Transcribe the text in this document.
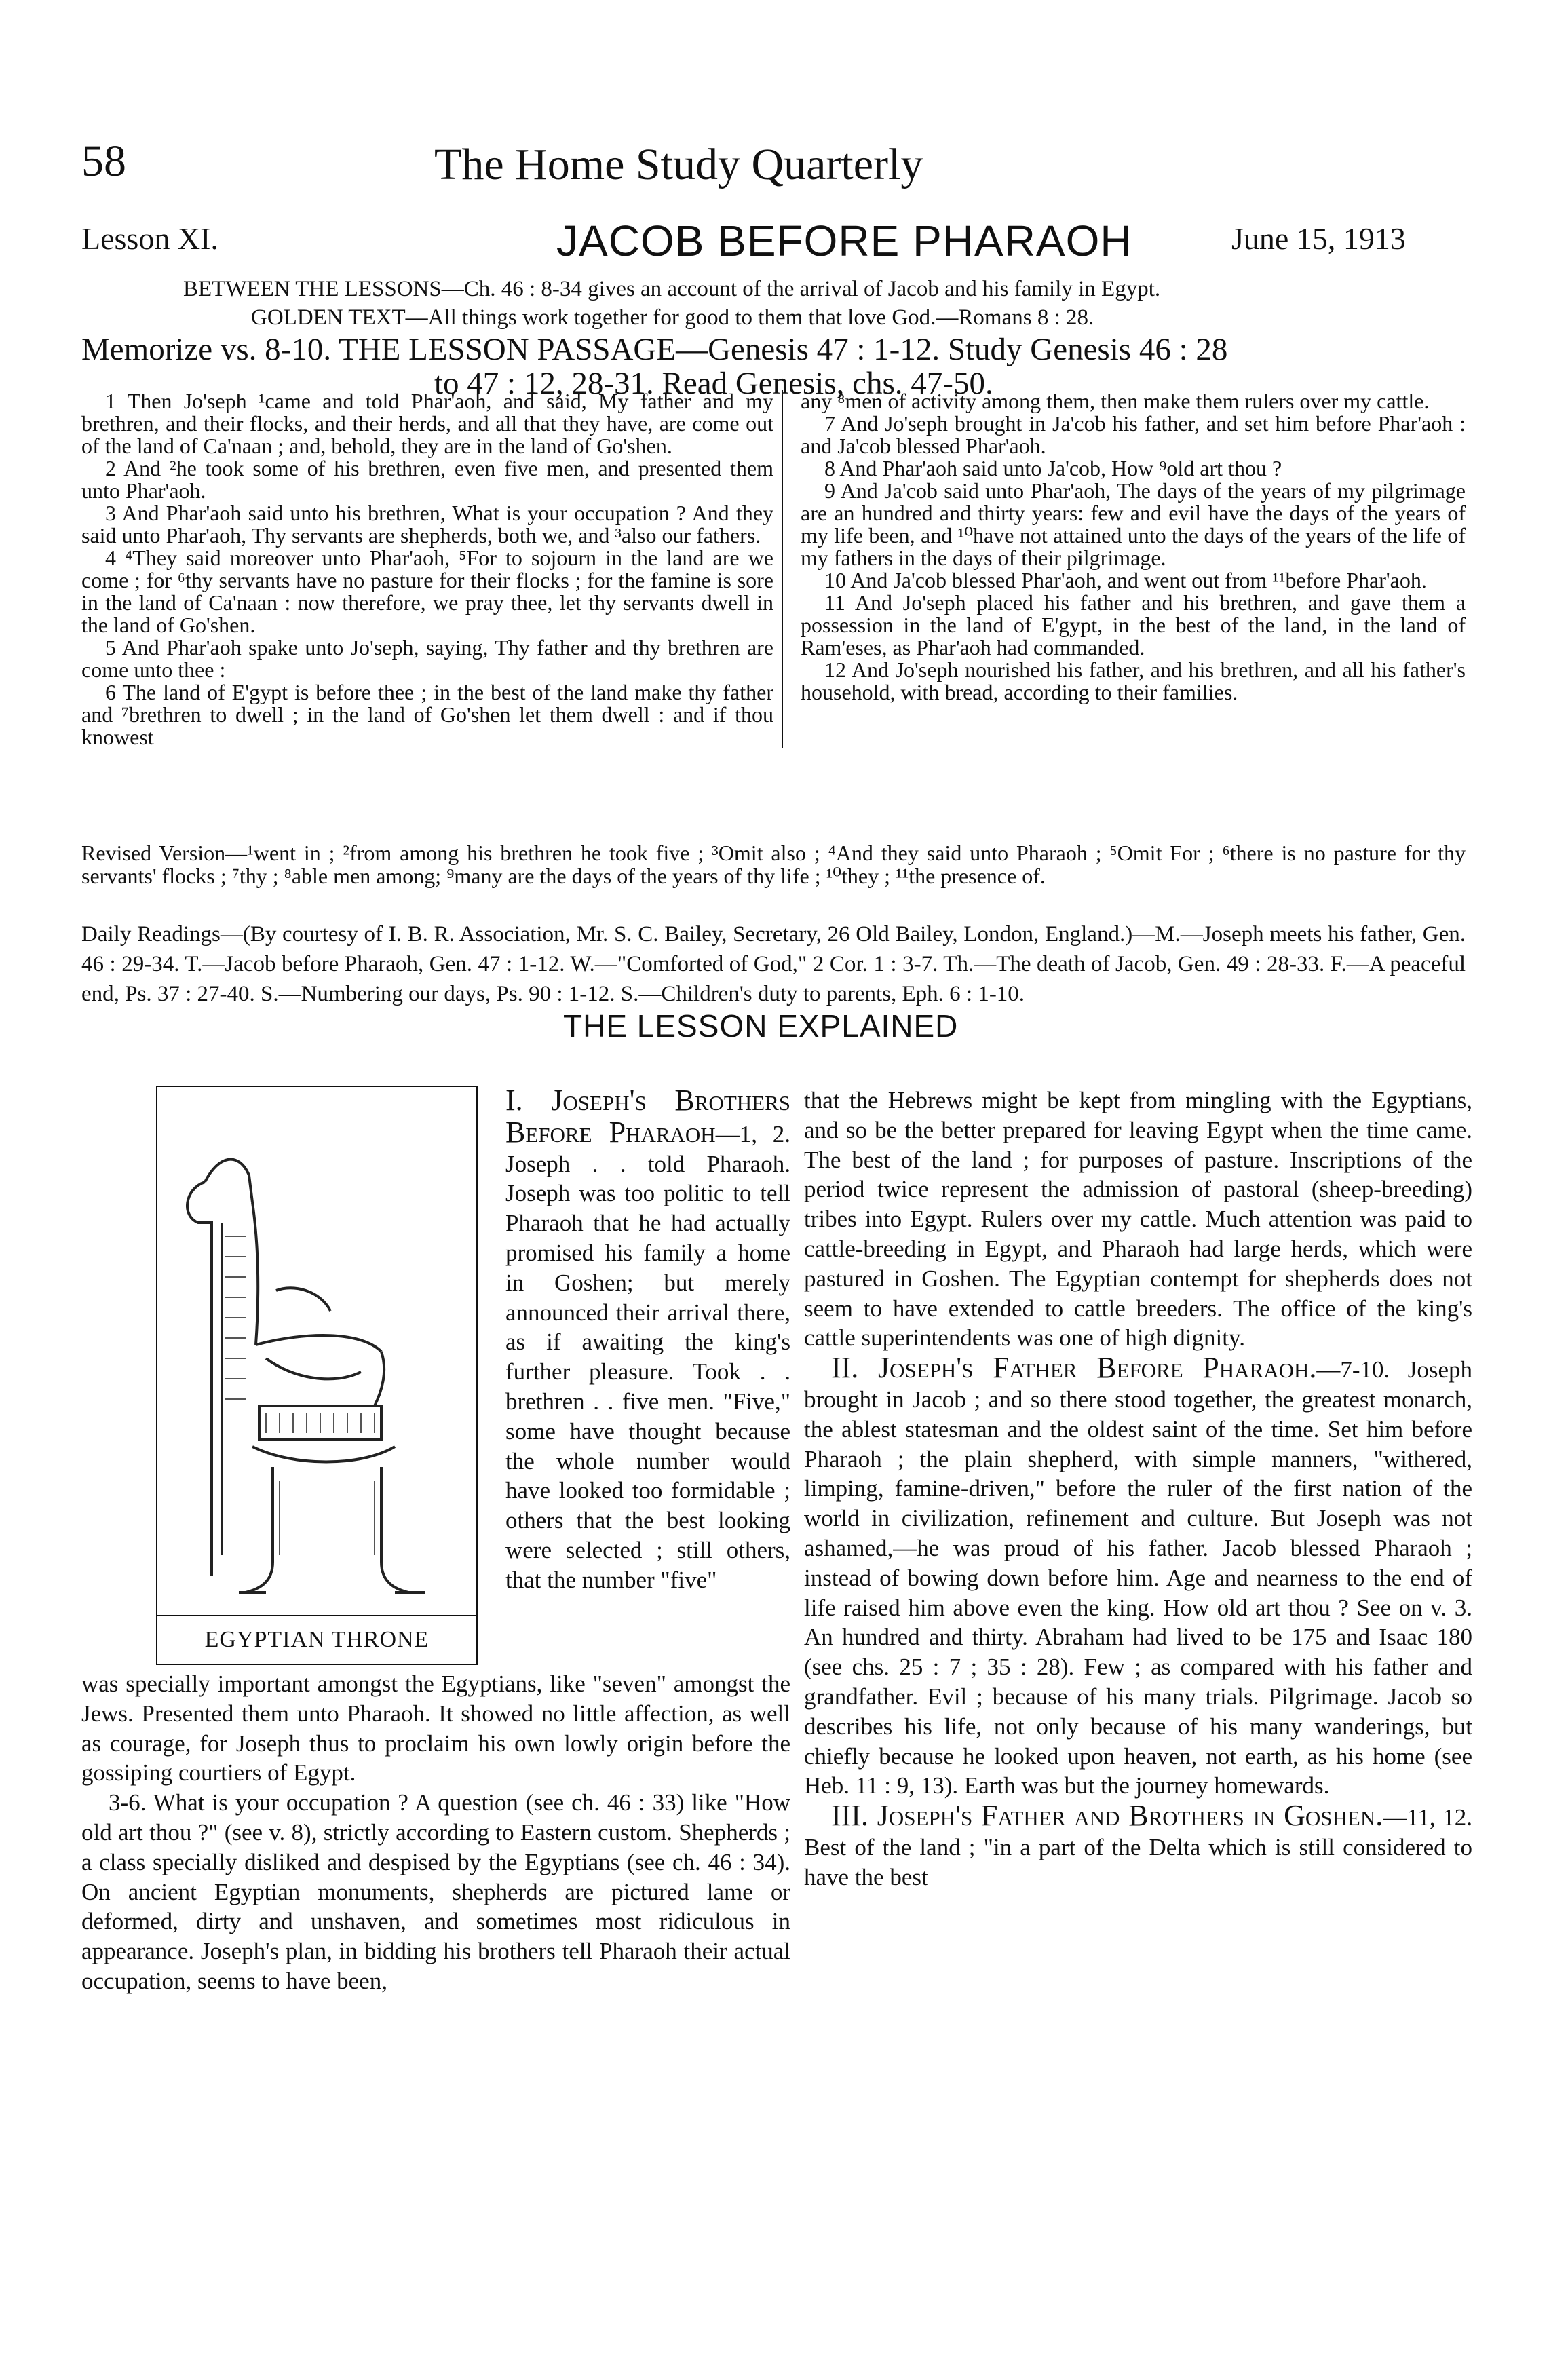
58	The Home Study Quarterly
Lesson XI.	JACOB BEFORE PHARAOH	June 15, 1913
BETWEEN THE LESSONS—Ch. 46 : 8-34 gives an account of the arrival of Jacob and his family in Egypt.
GOLDEN TEXT—All things work together for good to them that love God.—Romans 8 : 28.
Memorize vs. 8-10. THE LESSON PASSAGE—Genesis 47 : 1-12. Study Genesis 46 : 28
to 47 : 12, 28-31. Read Genesis, chs. 47-50.

1 Then Jo'seph ¹came and told Phar'aoh, and said, My father and my brethren, and their flocks, and their herds, and all that they have, are come out of the land of Ca'naan ; and, behold, they are in the land of Go'shen.

2 And ²he took some of his brethren, even five men, and presented them unto Phar'aoh.

3 And Phar'aoh said unto his brethren, What is your occupation ? And they said unto Phar'aoh, Thy servants are shepherds, both we, and ³also our fathers.

4 ⁴They said moreover unto Phar'aoh, ⁵For to sojourn in the land are we come ; for ⁶thy servants have no pasture for their flocks ; for the famine is sore in the land of Ca'naan : now therefore, we pray thee, let thy servants dwell in the land of Go'shen.

5 And Phar'aoh spake unto Jo'seph, saying, Thy father and thy brethren are come unto thee :

6 The land of E'gypt is before thee ; in the best of the land make thy father and ⁷brethren to dwell ; in the land of Go'shen let them dwell : and if thou knowest

any ⁸men of activity among them, then make them rulers over my cattle.

7 And Jo'seph brought in Ja'cob his father, and set him before Phar'aoh : and Ja'cob blessed Phar'aoh.

8 And Phar'aoh said unto Ja'cob, How ⁹old art thou ?

9 And Ja'cob said unto Phar'aoh, The days of the years of my pilgrimage are an hundred and thirty years: few and evil have the days of the years of my life been, and ¹⁰have not attained unto the days of the years of the life of my fathers in the days of their pilgrimage.

10 And Ja'cob blessed Phar'aoh, and went out from ¹¹before Phar'aoh.

11 And Jo'seph placed his father and his brethren, and gave them a possession in the land of E'gypt, in the best of the land, in the land of Ram'eses, as Phar'aoh had commanded.

12 And Jo'seph nourished his father, and his brethren, and all his father's household, with bread, according to their families.

Revised Version—¹went in ; ²from among his brethren he took five ; ³Omit also ; ⁴And they said unto Pharaoh ; ⁵Omit For ; ⁶there is no pasture for thy servants' flocks ; ⁷thy ; ⁸able men among; ⁹many are the days of the years of thy life ; ¹⁰they ; ¹¹the presence of.
Daily Readings—(By courtesy of I. B. R. Association, Mr. S. C. Bailey, Secretary, 26 Old Bailey, London, England.)—M.—Joseph meets his father, Gen. 46 : 29-34. T.—Jacob before Pharaoh, Gen. 47 : 1-12. W.—"Comforted of God," 2 Cor. 1 : 3-7. Th.—The death of Jacob, Gen. 49 : 28-33. F.—A peaceful end, Ps. 37 : 27-40. S.—Numbering our days, Ps. 90 : 1-12. S.—Children's duty to parents, Eph. 6 : 1-10.
THE LESSON EXPLAINED
EGYPTIAN THRONE

I. Joseph's Brothers Before Pharaoh—1, 2. Joseph . . told Pharaoh. Joseph was too politic to tell Pharaoh that he had actually promised his family a home in Goshen; but merely announced their arrival there, as if awaiting the king's further pleasure. Took . . brethren . . five men. "Five," some have thought because the whole number would have looked too formidable ; others that the best looking were selected ; still others, that the number "five"

was specially important amongst the Egyptians, like "seven" amongst the Jews. Presented them unto Pharaoh. It showed no little affection, as well as courage, for Joseph thus to proclaim his own lowly origin before the gossiping courtiers of Egypt.

3-6. What is your occupation ? A question (see ch. 46 : 33) like "How old art thou ?" (see v. 8), strictly according to Eastern custom. Shepherds ; a class specially disliked and despised by the Egyptians (see ch. 46 : 34). On ancient Egyptian monuments, shepherds are pictured lame or deformed, dirty and unshaven, and sometimes most ridiculous in appearance. Joseph's plan, in bidding his brothers tell Pharaoh their actual occupation, seems to have been,

that the Hebrews might be kept from mingling with the Egyptians, and so be the better prepared for leaving Egypt when the time came. The best of the land ; for purposes of pasture. Inscriptions of the period twice represent the admission of pastoral (sheep-breeding) tribes into Egypt. Rulers over my cattle. Much attention was paid to cattle-breeding in Egypt, and Pharaoh had large herds, which were pastured in Goshen. The Egyptian contempt for shepherds does not seem to have extended to cattle breeders. The office of the king's cattle superintendents was one of high dignity.

II. Joseph's Father Before Pharaoh.—7-10. Joseph brought in Jacob ; and so there stood together, the greatest monarch, the ablest statesman and the oldest saint of the time. Set him before Pharaoh ; the plain shepherd, with simple manners, "withered, limping, famine-driven," before the ruler of the first nation of the world in civilization, refinement and culture. But Joseph was not ashamed,—he was proud of his father. Jacob blessed Pharaoh ; instead of bowing down before him. Age and nearness to the end of life raised him above even the king. How old art thou ? See on v. 3. An hundred and thirty. Abraham had lived to be 175 and Isaac 180 (see chs. 25 : 7 ; 35 : 28). Few ; as compared with his father and grandfather. Evil ; because of his many trials. Pilgrimage. Jacob so describes his life, not only because of his many wanderings, but chiefly because he looked upon heaven, not earth, as his home (see Heb. 11 : 9, 13). Earth was but the journey homewards.

III. Joseph's Father and Brothers in Goshen.—11, 12. Best of the land ; "in a part of the Delta which is still considered to have the best
